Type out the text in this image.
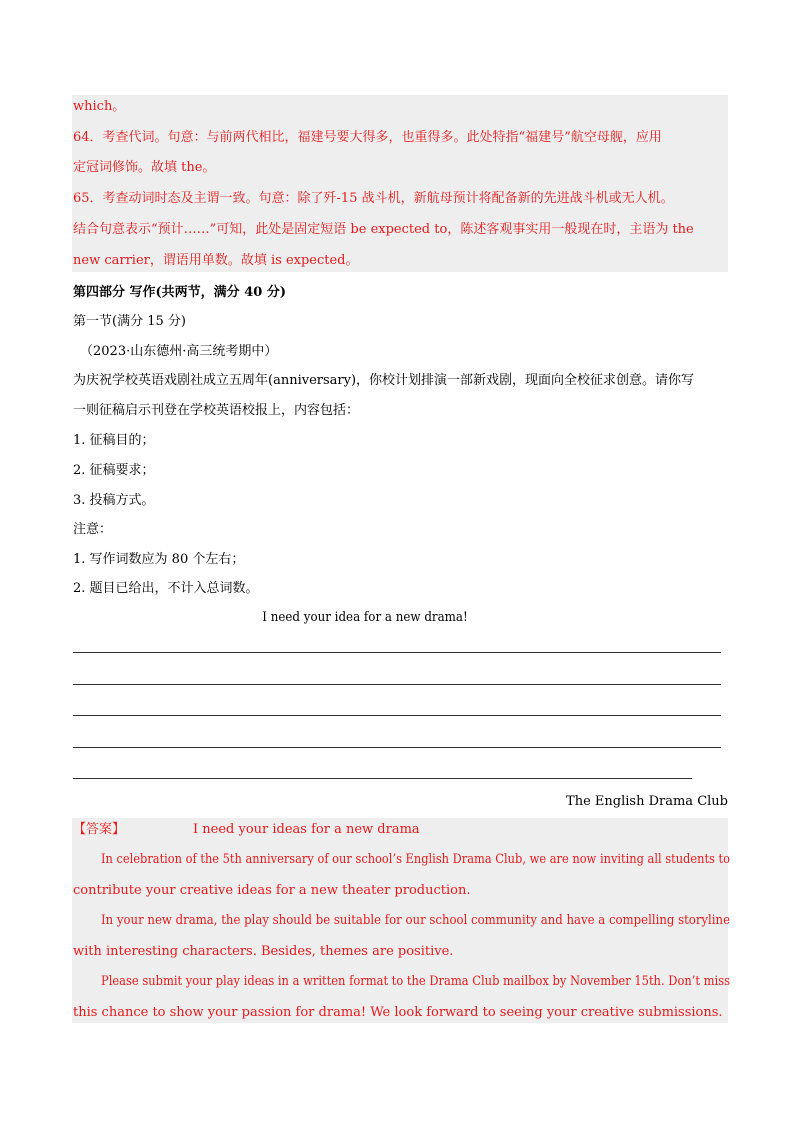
which。
64．考查代词。句意：与前两代相比，福建号要大得多，也重得多。此处特指“福建号”航空母舰，应用
定冠词修饰。故填 the。
65．考查动词时态及主谓一致。句意：除了歼-15 战斗机，新航母预计将配备新的先进战斗机或无人机。
结合句意表示“预计……”可知，此处是固定短语 be expected to，陈述客观事实用一般现在时，主语为 the
new carrier，谓语用单数。故填 is expected。
第四部分 写作(共两节，满分 40 分)
第一节(满分 15 分)
（2023·山东德州·高三统考期中）
为庆祝学校英语戏剧社成立五周年(anniversary)，你校计划排演一部新戏剧，现面向全校征求创意。请你写
一则征稿启示刊登在学校英语校报上，内容包括：
1. 征稿目的；
2. 征稿要求；
3. 投稿方式。
注意：
1. 写作词数应为 80 个左右；
2. 题目已给出，不计入总词数。
I need your idea for a new drama!
The English Drama Club
【答案】	I need your ideas for a new drama
In celebration of the 5th anniversary of our school’s English Drama Club, we are now inviting all students to
contribute your creative ideas for a new theater production.
In your new drama, the play should be suitable for our school community and have a compelling storyline
with interesting characters. Besides, themes are positive.
Please submit your play ideas in a written format to the Drama Club mailbox by November 15th. Don’t miss
this chance to show your passion for drama! We look forward to seeing your creative submissions.
